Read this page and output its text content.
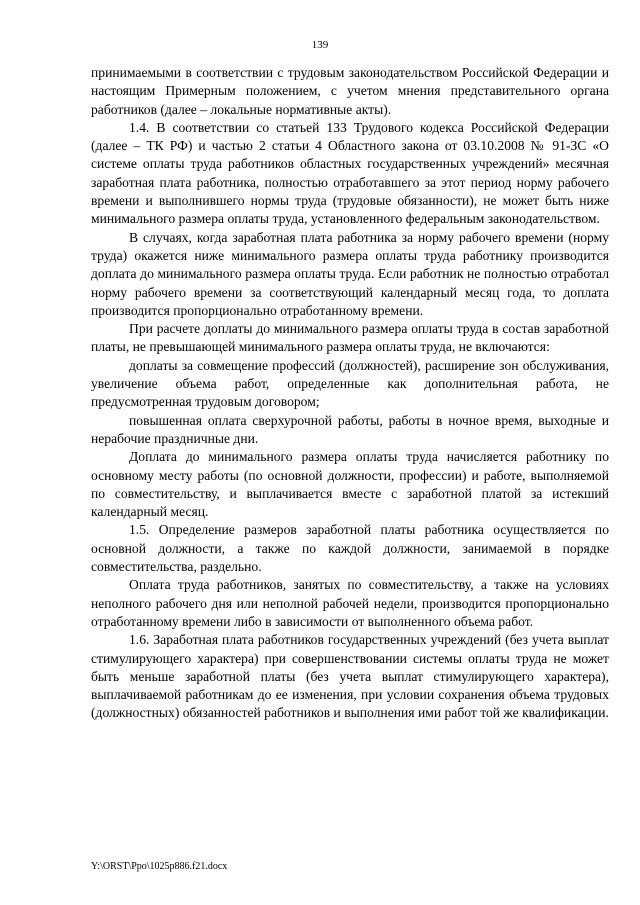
139

принимаемыми в соответствии с трудовым законодательством Российской Федерации и настоящим Примерным положением, с учетом мнения представительного органа работников (далее – локальные нормативные акты).

1.4. В соответствии со статьей 133 Трудового кодекса Российской Федерации (далее – ТК РФ) и частью 2 статьи 4 Областного закона от 03.10.2008 № 91-ЗС «О системе оплаты труда работников областных государственных учреждений» месячная заработная плата работника, полностью отработавшего за этот период норму рабочего времени и выполнившего нормы труда (трудовые обязанности), не может быть ниже минимального размера оплаты труда, установленного федеральным законодательством.

В случаях, когда заработная плата работника за норму рабочего времени (норму труда) окажется ниже минимального размера оплаты труда работнику производится доплата до минимального размера оплаты труда. Если работник не полностью отработал норму рабочего времени за соответствующий календарный месяц года, то доплата производится пропорционально отработанному времени.

При расчете доплаты до минимального размера оплаты труда в состав заработной платы, не превышающей минимального размера оплаты труда, не включаются:

доплаты за совмещение профессий (должностей), расширение зон обслуживания, увеличение объема работ, определенные как дополнительная работа, не предусмотренная трудовым договором;

повышенная оплата сверхурочной работы, работы в ночное время, выходные и нерабочие праздничные дни.

Доплата до минимального размера оплаты труда начисляется работнику по основному месту работы (по основной должности, профессии) и работе, выполняемой по совместительству, и выплачивается вместе с заработной платой за истекший календарный месяц.

1.5. Определение размеров заработной платы работника осуществляется по основной должности, а также по каждой должности, занимаемой в порядке совместительства, раздельно.

Оплата труда работников, занятых по совместительству, а также на условиях неполного рабочего дня или неполной рабочей недели, производится пропорционально отработанному времени либо в зависимости от выполненного объема работ.

1.6. Заработная плата работников государственных учреждений (без учета выплат стимулирующего характера) при совершенствовании системы оплаты труда не может быть меньше заработной платы (без учета выплат стимулирующего характера), выплачиваемой работникам до ее изменения, при условии сохранения объема трудовых (должностных) обязанностей работников и выполнения ими работ той же квалификации.

Y:\ORST\Ppo\1025p886.f21.docx
